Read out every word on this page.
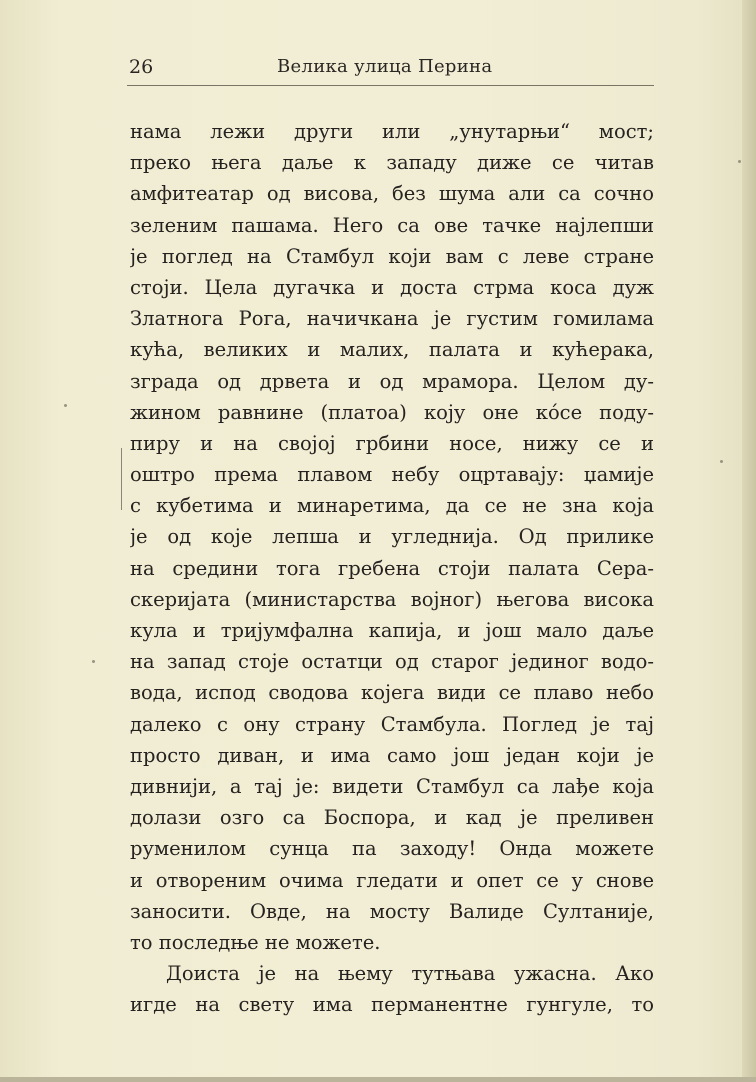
26	Велика улица Перина
нама лежи други или „унутарњи“ мост;
преко њега даље к западу диже се читав
амфитеатар од висова, без шума али са сочно
зеленим пашама. Него са ове тачке најлепши
је поглед на Стамбул који вам с леве стране
стоји. Цела дугачка и доста стрма коса дуж
Златнога Рога, начичкана је густим гомилама
кућа, великих и малих, палата и кућерака,
зграда од дрвета и од мрамора. Целом ду-
жином равнине (платоа) коју оне ко́се поду-
пиру и на својој грбини носе, нижу се и
оштро према плавом небу оцртавају: џамије
с кубетима и минаретима, да се не зна која
је од које лепша и угледнија. Од прилике
на средини тога гребена стоји палата Сера-
скеријата (министарства војног) његова висока
кула и тријумфална капија, и још мало даље
на запад стоје остатци од старог јединог водо-
вода, испод сводова којега види се плаво небо
далеко с ону страну Стамбула. Поглед је тај
просто диван, и има само још један који је
дивнији, а тај је: видети Стамбул са лађе која
долази озго са Боспора, и кад је преливен
руменилом сунца па заходу! Онда можете
и отвореним очима гледати и опет се у снове
заносити. Овде, на мосту Валиде Султаније,
то последње не можете.
Доиста је на њему тутњава ужасна. Ако
игде на свету има перманентне гунгуле, то
